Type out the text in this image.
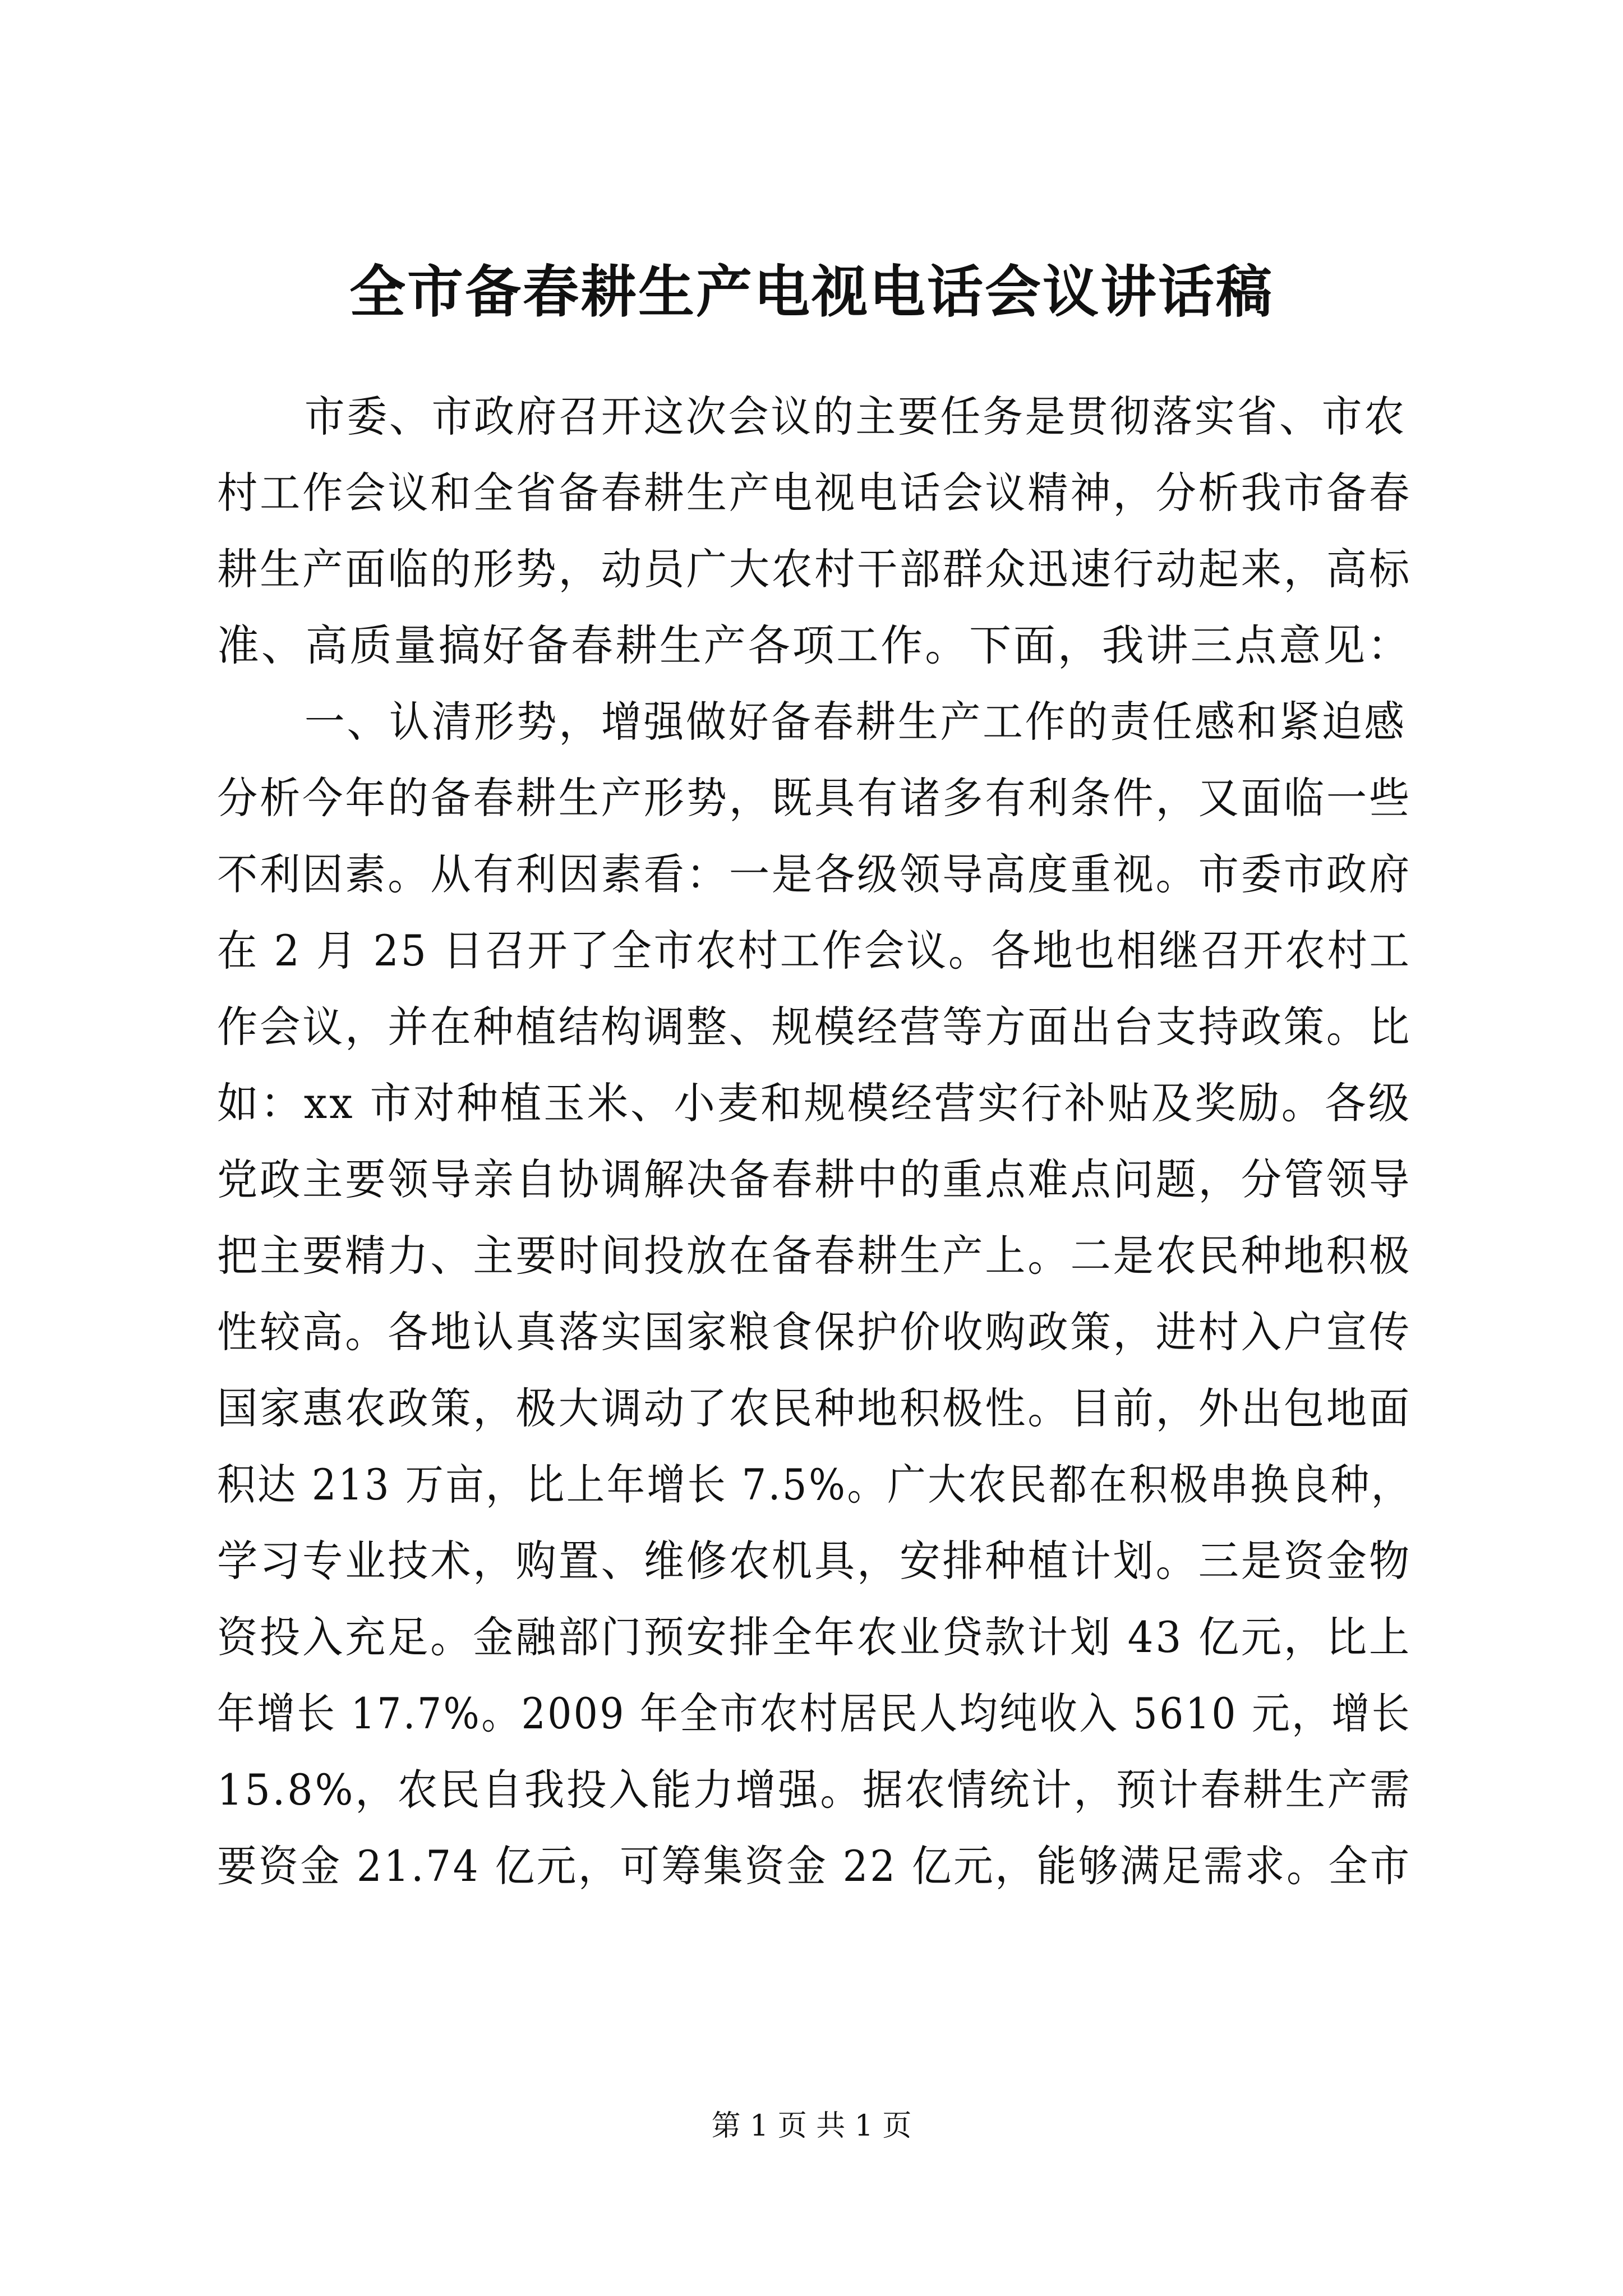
全市备春耕生产电视电话会议讲话稿
市委、市政府召开这次会议的主要任务是贯彻落实省、市农
村工作会议和全省备春耕生产电视电话会议精神，分析我市备春
耕生产面临的形势，动员广大农村干部群众迅速行动起来，高标
准、高质量搞好备春耕生产各项工作。下面，我讲三点意见：
一、认清形势，增强做好备春耕生产工作的责任感和紧迫感
分析今年的备春耕生产形势，既具有诸多有利条件，又面临一些
不利因素。从有利因素看：一是各级领导高度重视。市委市政府
在 2 月 25 日召开了全市农村工作会议。各地也相继召开农村工
作会议，并在种植结构调整、规模经营等方面出台支持政策。比
如：xx 市对种植玉米、小麦和规模经营实行补贴及奖励。各级
党政主要领导亲自协调解决备春耕中的重点难点问题，分管领导
把主要精力、主要时间投放在备春耕生产上。二是农民种地积极
性较高。各地认真落实国家粮食保护价收购政策，进村入户宣传
国家惠农政策，极大调动了农民种地积极性。目前，外出包地面
积达 213 万亩，比上年增长 7.5%。广大农民都在积极串换良种，
学习专业技术，购置、维修农机具，安排种植计划。三是资金物
资投入充足。金融部门预安排全年农业贷款计划 43 亿元，比上
年增长 17.7%。2009 年全市农村居民人均纯收入 5610 元，增长
15.8%，农民自我投入能力增强。据农情统计，预计春耕生产需
要资金 21.74 亿元，可筹集资金 22 亿元，能够满足需求。全市
第 1 页 共 1 页
